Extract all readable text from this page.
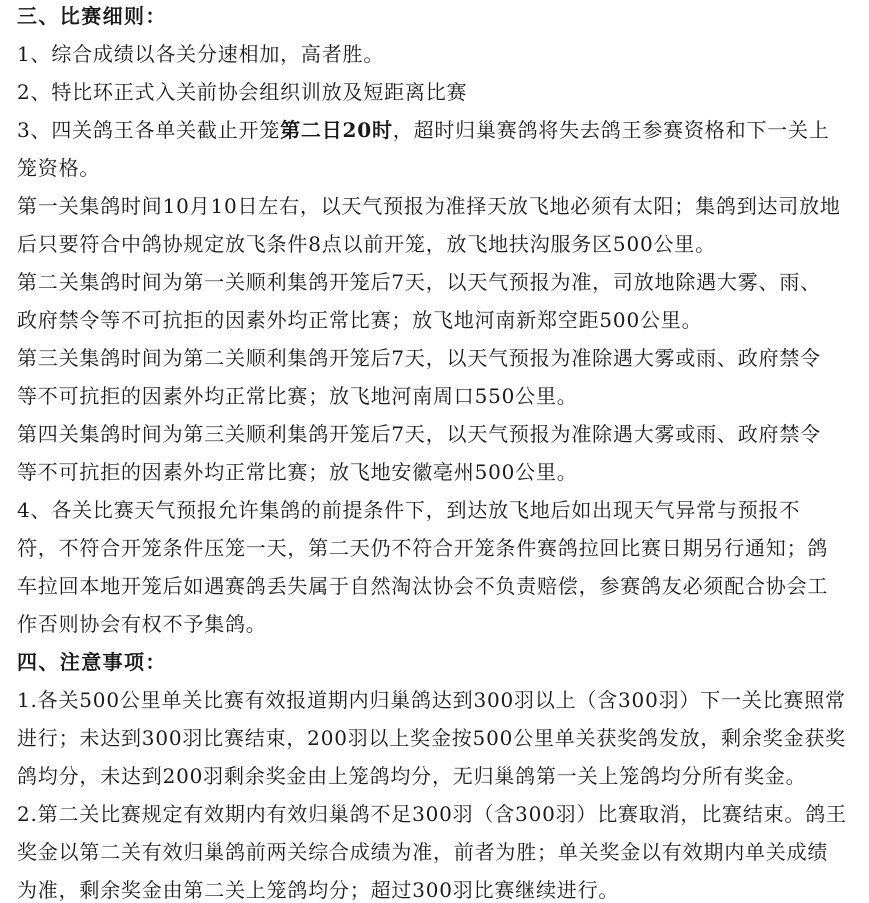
三、比赛细则：
1、综合成绩以各关分速相加，高者胜。
2、特比环正式入关前协会组织训放及短距离比赛
3、四关鸽王各单关截止开笼第二日20时，超时归巢赛鸽将失去鸽王参赛资格和下一关上
笼资格。
第一关集鸽时间10月10日左右，以天气预报为准择天放飞地必须有太阳；集鸽到达司放地
后只要符合中鸽协规定放飞条件8点以前开笼，放飞地扶沟服务区500公里。
第二关集鸽时间为第一关顺利集鸽开笼后7天，以天气预报为准，司放地除遇大雾、雨、
政府禁令等不可抗拒的因素外均正常比赛；放飞地河南新郑空距500公里。
第三关集鸽时间为第二关顺利集鸽开笼后7天，以天气预报为准除遇大雾或雨、政府禁令
等不可抗拒的因素外均正常比赛；放飞地河南周口550公里。
第四关集鸽时间为第三关顺利集鸽开笼后7天，以天气预报为准除遇大雾或雨、政府禁令
等不可抗拒的因素外均正常比赛；放飞地安徽亳州500公里。
4、各关比赛天气预报允许集鸽的前提条件下，到达放飞地后如出现天气异常与预报不
符，不符合开笼条件压笼一天，第二天仍不符合开笼条件赛鸽拉回比赛日期另行通知；鸽
车拉回本地开笼后如遇赛鸽丢失属于自然淘汰协会不负责赔偿，参赛鸽友必须配合协会工
作否则协会有权不予集鸽。
四、注意事项：
1.各关500公里单关比赛有效报道期内归巢鸽达到300羽以上（含300羽）下一关比赛照常
进行；未达到300羽比赛结束，200羽以上奖金按500公里单关获奖鸽发放，剩余奖金获奖
鸽均分，未达到200羽剩余奖金由上笼鸽均分，无归巢鸽第一关上笼鸽均分所有奖金。
2.第二关比赛规定有效期内有效归巢鸽不足300羽（含300羽）比赛取消，比赛结束。鸽王
奖金以第二关有效归巢鸽前两关综合成绩为准，前者为胜；单关奖金以有效期内单关成绩
为准，剩余奖金由第二关上笼鸽均分；超过300羽比赛继续进行。
